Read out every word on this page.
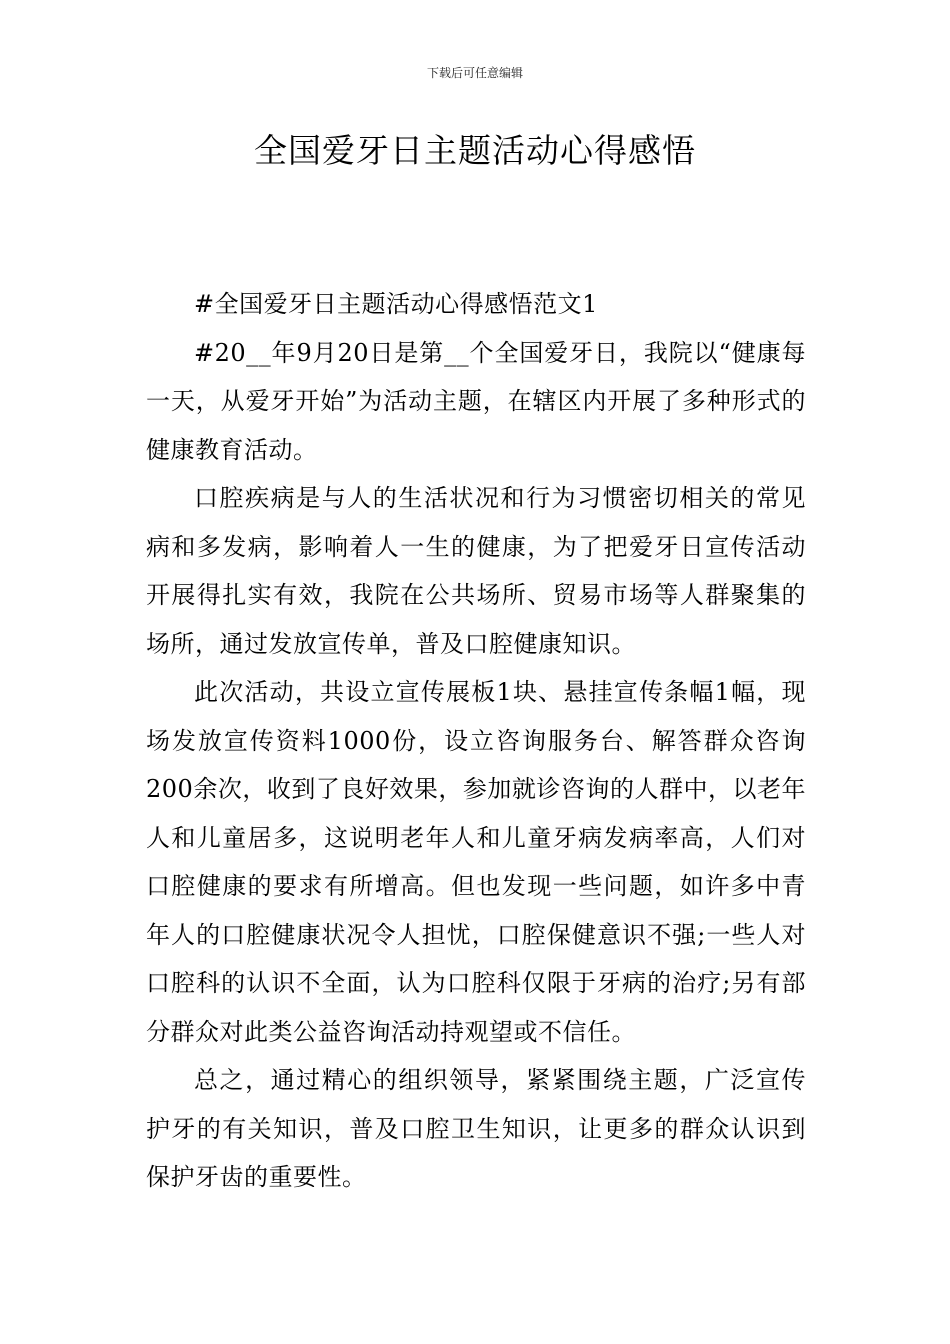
下载后可任意编辑
全国爱牙日主题活动心得感悟

#全国爱牙日主题活动心得感悟范文1

#20__年9月20日是第__个全国爱牙日，我院以“健康每一天，从爱牙开始”为活动主题，在辖区内开展了多种形式的健康教育活动。

口腔疾病是与人的生活状况和行为习惯密切相关的常见病和多发病，影响着人一生的健康，为了把爱牙日宣传活动开展得扎实有效，我院在公共场所、贸易市场等人群聚集的场所，通过发放宣传单，普及口腔健康知识。

此次活动，共设立宣传展板1块、悬挂宣传条幅1幅，现场发放宣传资料1000份，设立咨询服务台、解答群众咨询200余次，收到了良好效果，参加就诊咨询的人群中，以老年人和儿童居多，这说明老年人和儿童牙病发病率高，人们对口腔健康的要求有所增高。但也发现一些问题，如许多中青年人的口腔健康状况令人担忧，口腔保健意识不强;一些人对口腔科的认识不全面，认为口腔科仅限于牙病的治疗;另有部分群众对此类公益咨询活动持观望或不信任。

总之，通过精心的组织领导，紧紧围绕主题，广泛宣传护牙的有关知识，普及口腔卫生知识，让更多的群众认识到保护牙齿的重要性。
